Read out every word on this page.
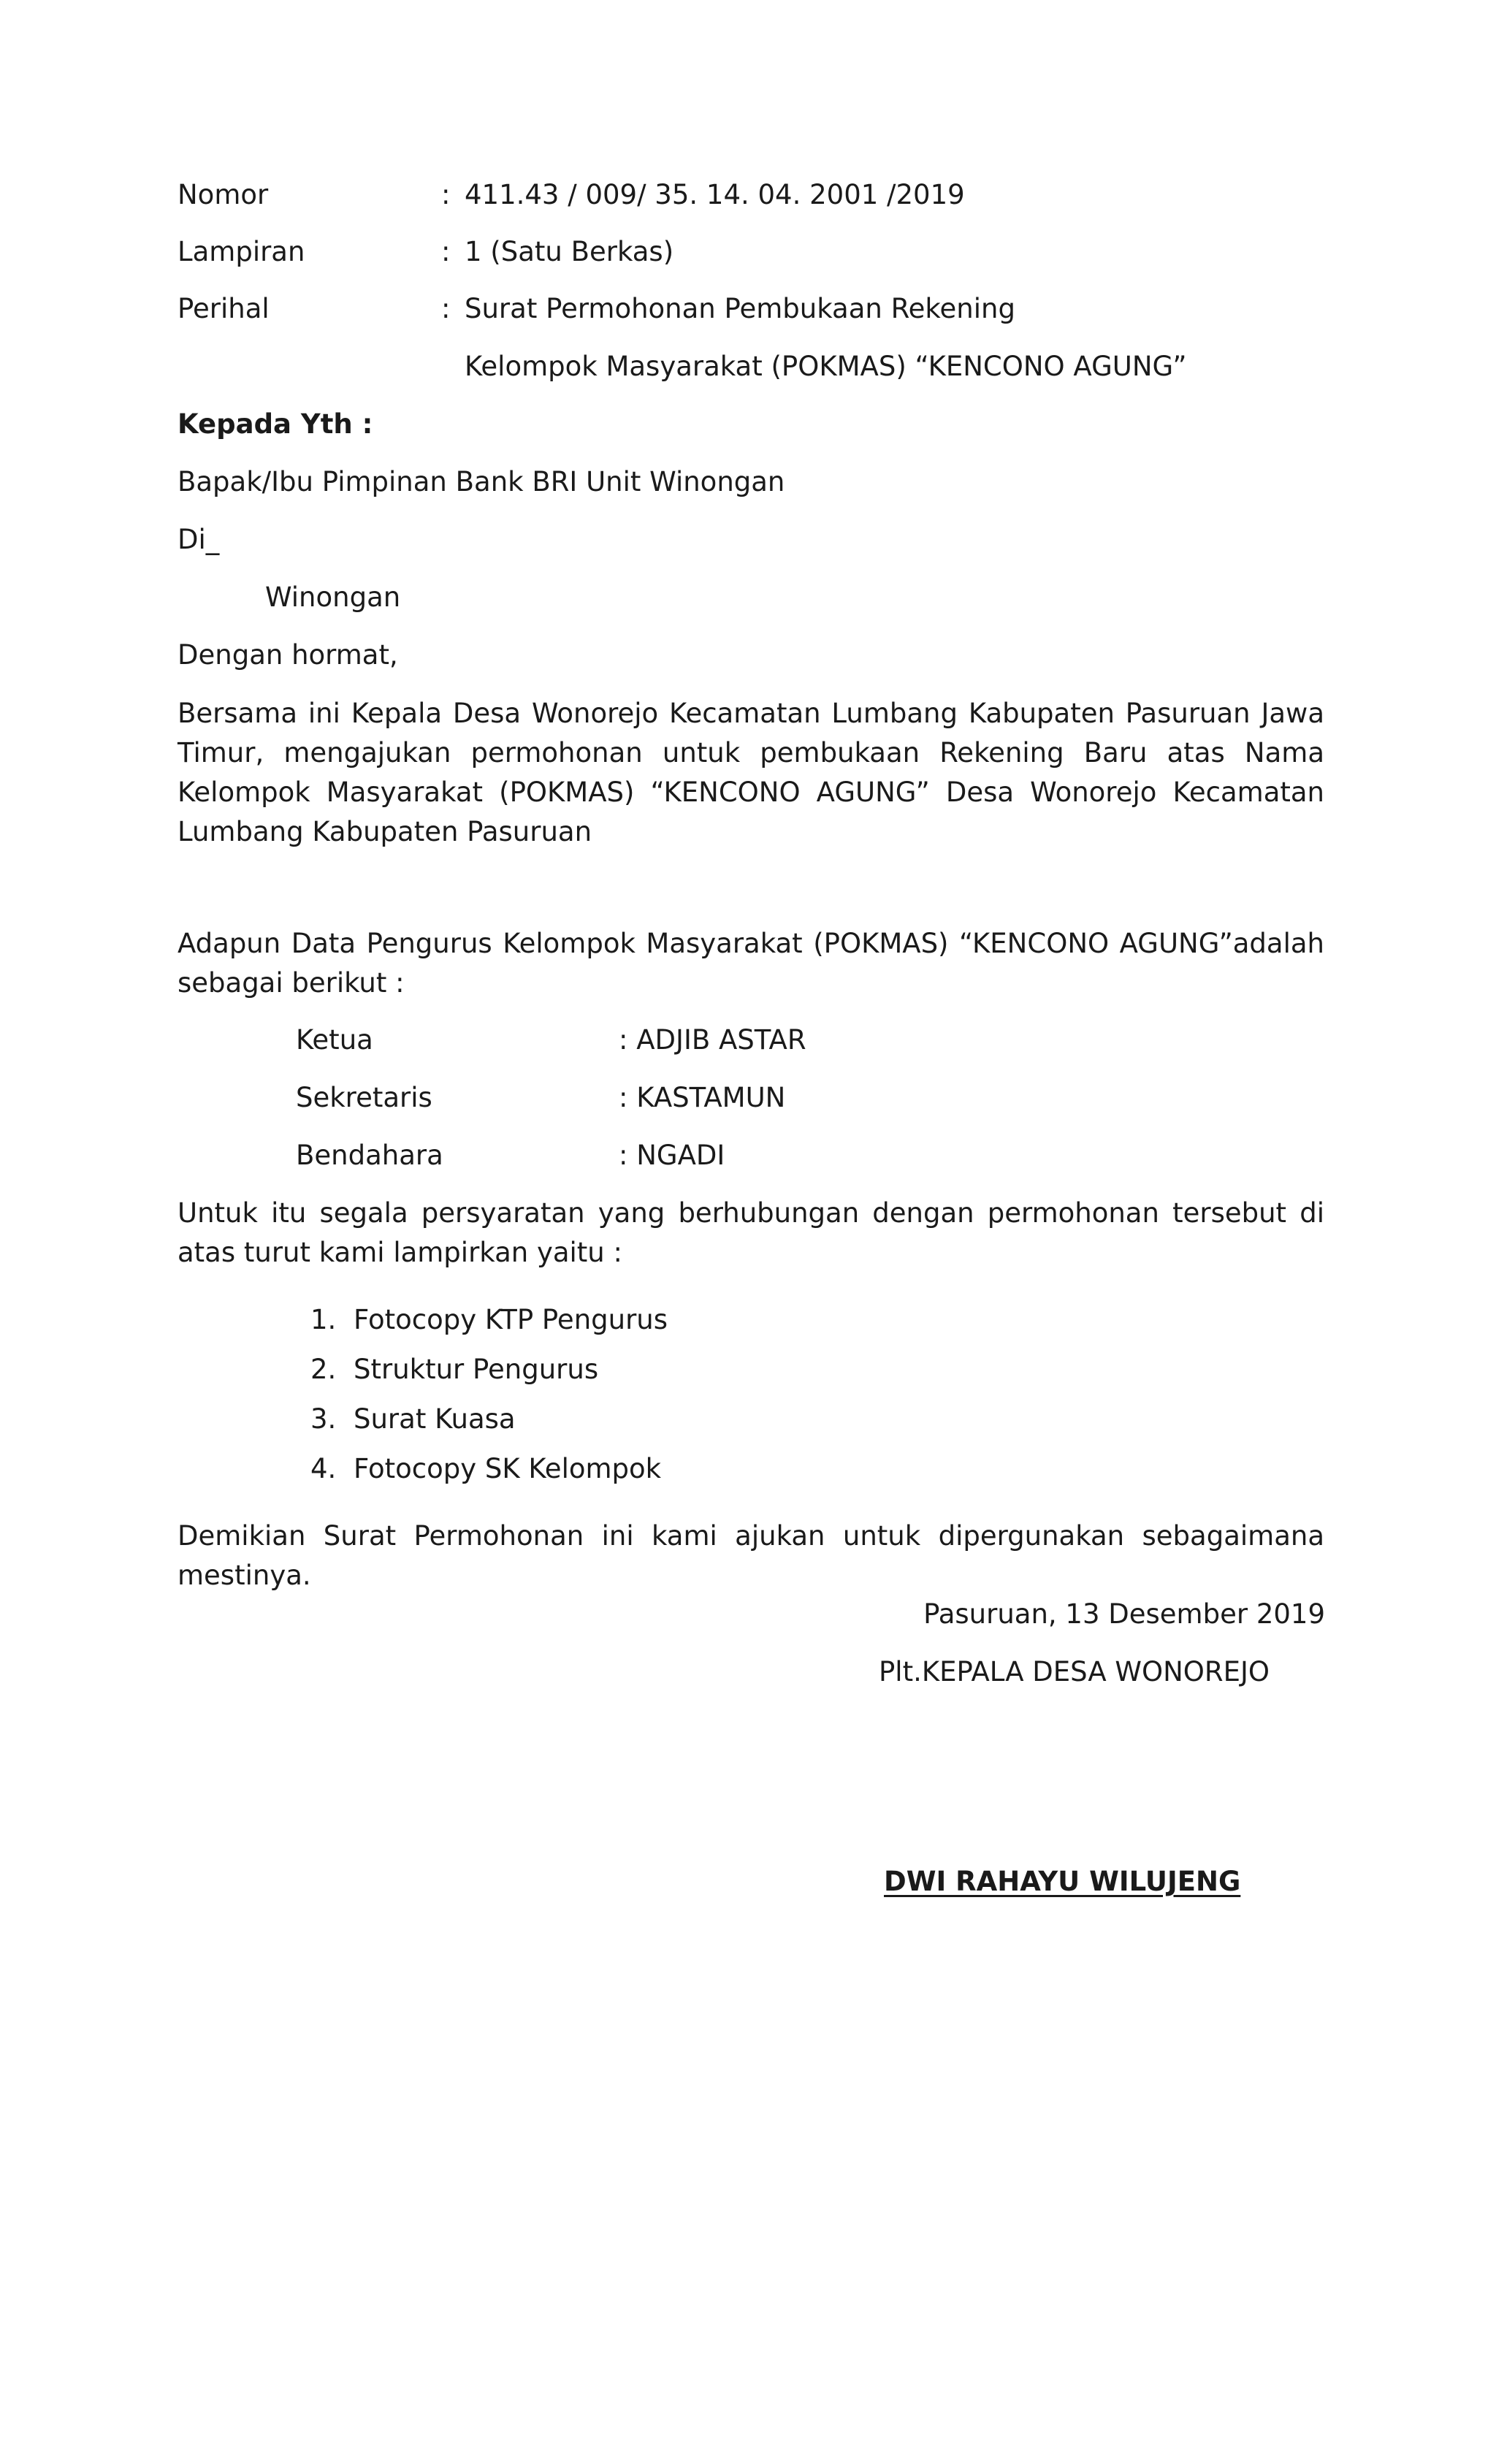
Nomor	: 411.43 / 009/ 35. 14. 04. 2001 /2019
Lampiran	: 1 (Satu Berkas)
Perihal	: Surat Permohonan Pembukaan Rekening
Kelompok Masyarakat (POKMAS) “KENCONO AGUNG”
Kepada Yth :
Bapak/Ibu Pimpinan Bank BRI Unit Winongan
Di_
Winongan
Dengan hormat,
Bersama ini Kepala Desa Wonorejo Kecamatan Lumbang Kabupaten Pasuruan Jawa Timur, mengajukan permohonan untuk pembukaan Rekening Baru atas Nama Kelompok Masyarakat (POKMAS) “KENCONO AGUNG” Desa Wonorejo Kecamatan Lumbang Kabupaten Pasuruan
Adapun Data Pengurus Kelompok Masyarakat (POKMAS) “KENCONO AGUNG”adalah sebagai berikut :
Ketua	: ADJIB ASTAR
Sekretaris	: KASTAMUN
Bendahara	: NGADI
Untuk itu segala persyaratan yang berhubungan dengan permohonan tersebut di atas turut kami lampirkan yaitu :
1. Fotocopy KTP Pengurus
2. Struktur Pengurus
3. Surat Kuasa
4. Fotocopy SK Kelompok
Demikian Surat Permohonan ini kami ajukan untuk dipergunakan sebagaimana mestinya.
Pasuruan, 13 Desember 2019
Plt.KEPALA DESA WONOREJO
DWI RAHAYU WILUJENG
